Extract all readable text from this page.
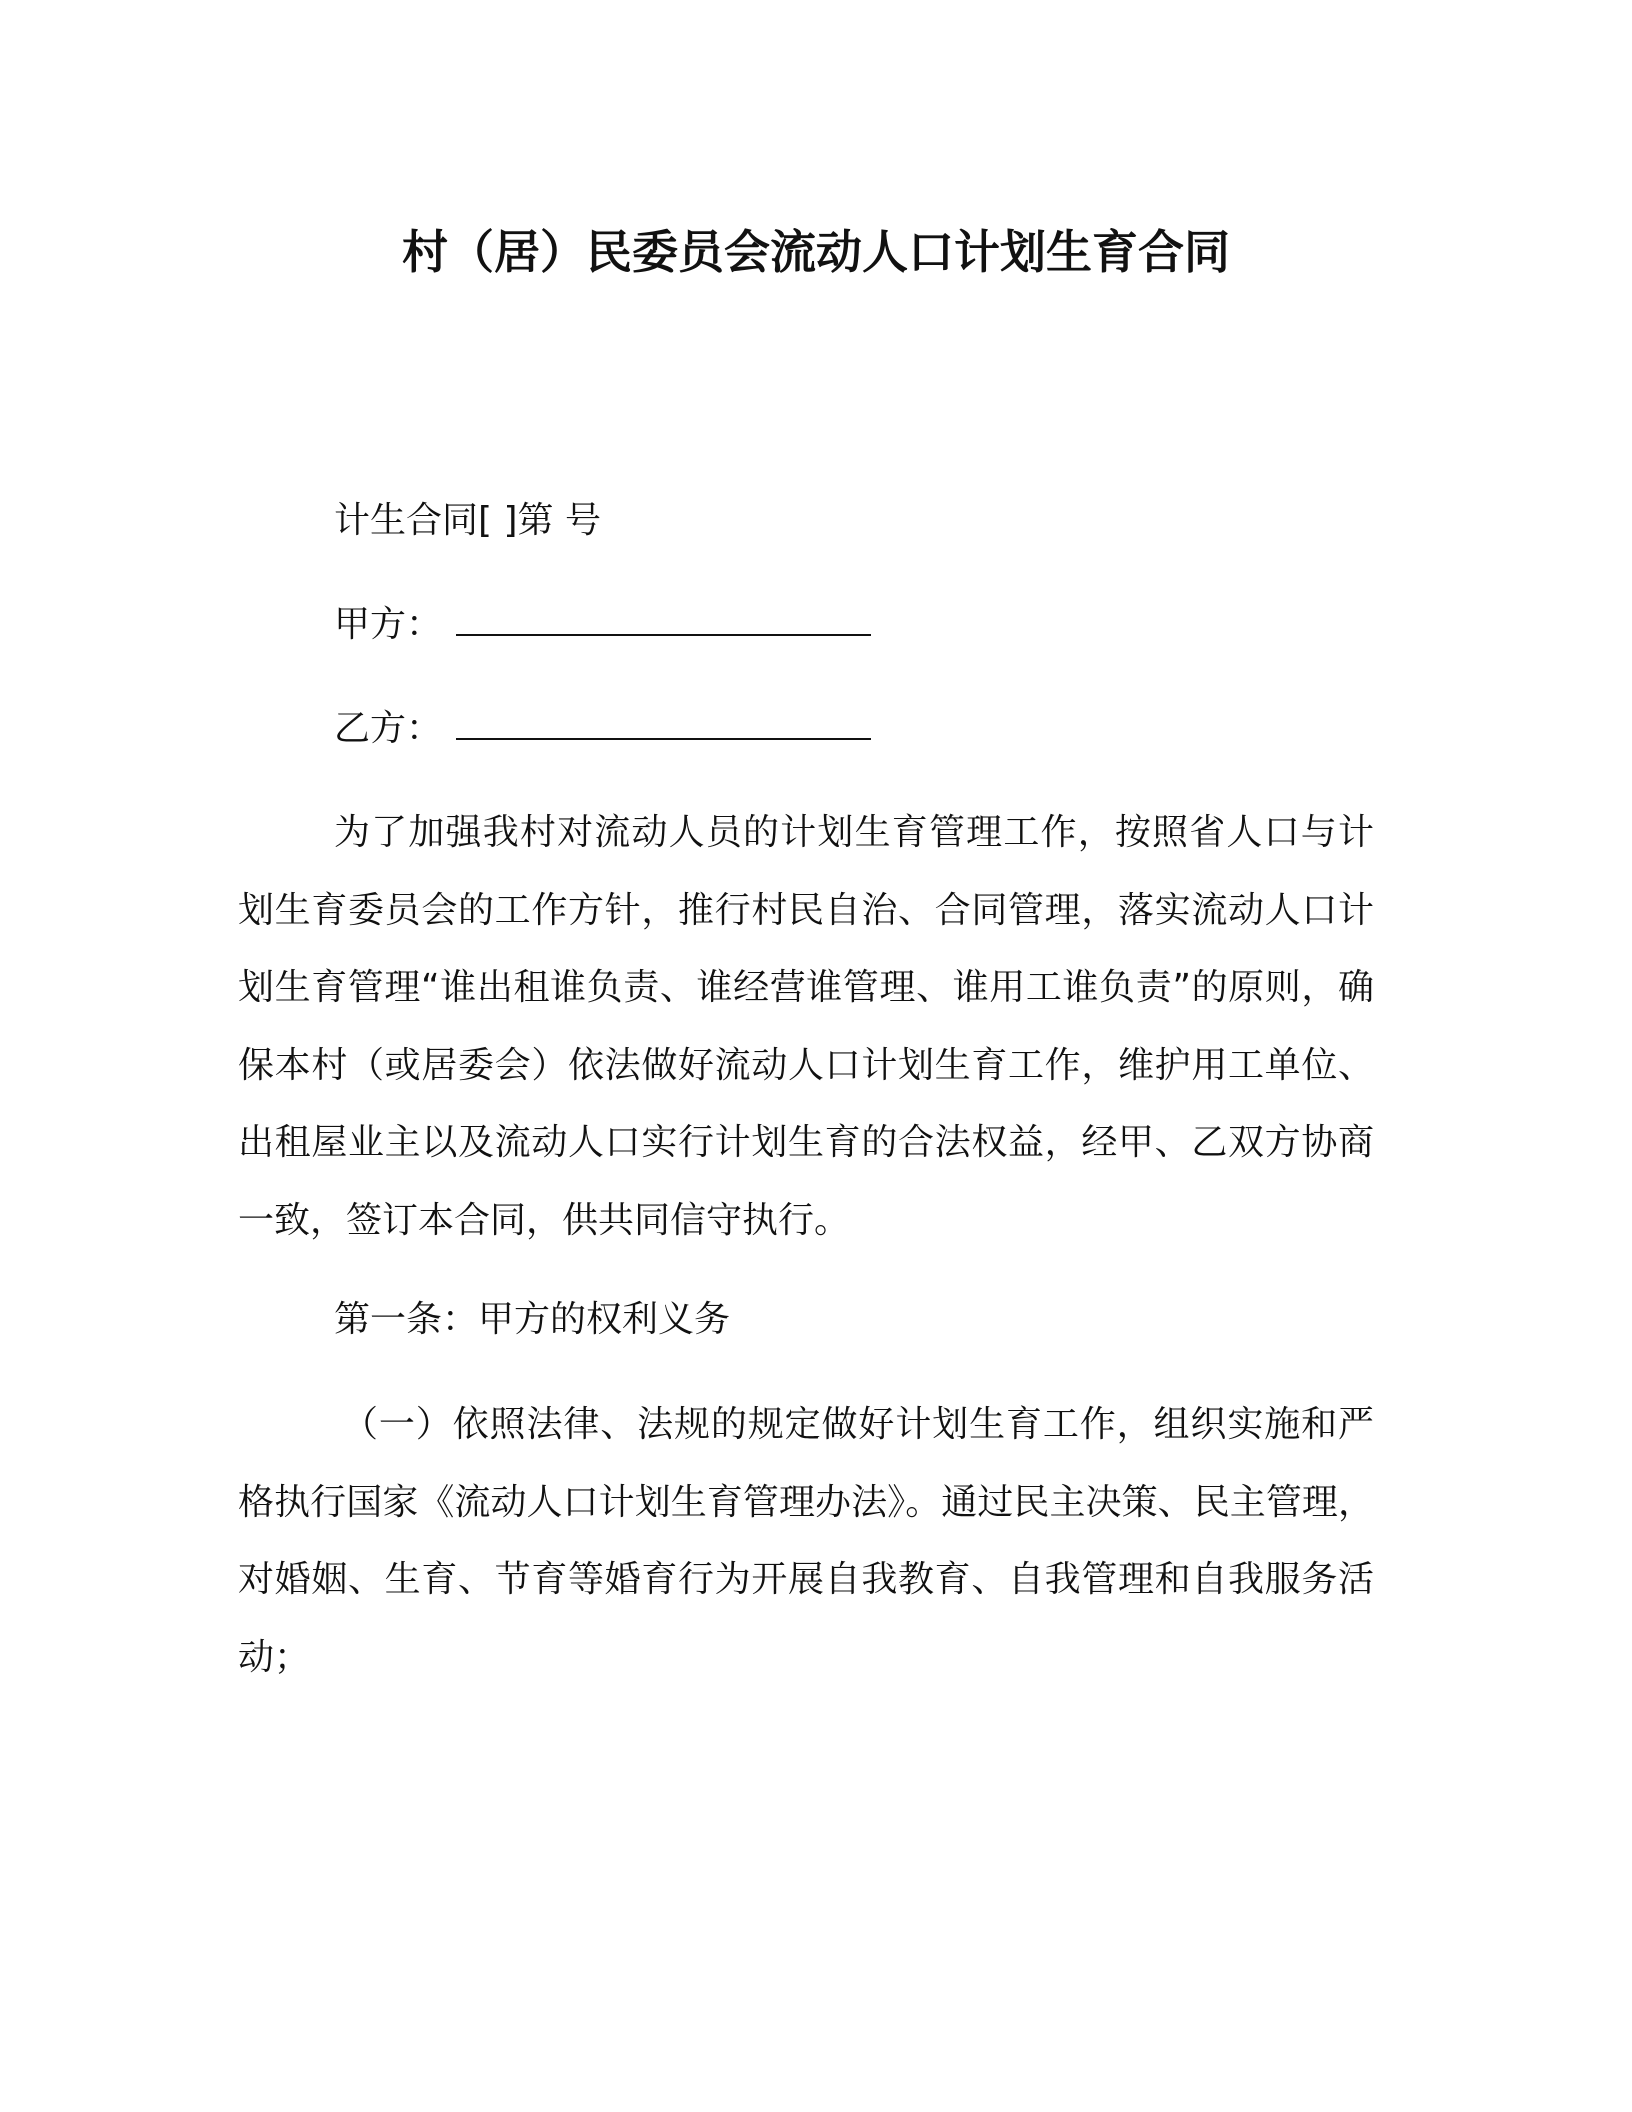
村（居）民委员会流动人口计划生育合同

计生合同[ ]第 号

甲方：

乙方：

为了加强我村对流动人员的计划生育管理工作，按照省人口与计划生育委员会的工作方针，推行村民自治、合同管理，落实流动人口计划生育管理“谁出租谁负责、谁经营谁管理、谁用工谁负责”的原则，确保本村（或居委会）依法做好流动人口计划生育工作，维护用工单位、出租屋业主以及流动人口实行计划生育的合法权益，经甲、乙双方协商一致，签订本合同，供共同信守执行。

第一条：甲方的权利义务

（一）依照法律、法规的规定做好计划生育工作，组织实施和严格执行国家《流动人口计划生育管理办法》。通过民主决策、民主管理，对婚姻、生育、节育等婚育行为开展自我教育、自我管理和自我服务活动；
